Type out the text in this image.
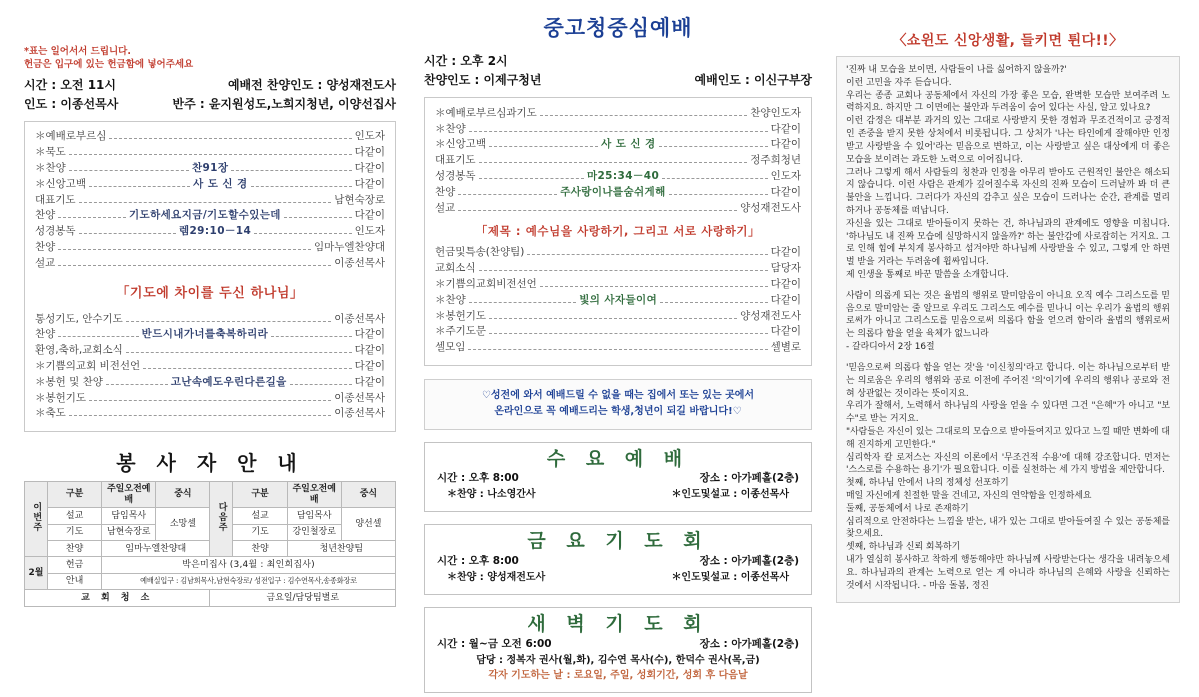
*표는 일어서서 드립니다.
헌금은 입구에 있는 헌금함에 넣어주세요
시간 : 오전 11시	예배전 찬양인도 : 양성재전도사
인도 : 이종선목사	반주 : 윤지원성도,노희지청년, 이양선집사
＊예배로부르심	인도자
＊묵도	다같이
＊찬양	찬91장	다같이
＊신앙고백	사 도 신 경	다같이
대표기도	남현숙장로
찬양	기도하세요지금/기도할수있는데	다같이
성경봉독	렘29:10－14	인도자
찬양	임마누엘찬양대
설교	이종선목사
「기도에 차이를 두신 하나님」
통성기도, 안수기도	이종선목사
찬양	반드시내가너를축복하리라	다같이
환영,축하,교회소식	다같이
＊기쁨의교회 비전선언	다같이
＊봉헌 및 찬양	고난속예도우린다른길을	다같이
＊봉헌기도	이종선목사
＊축도	이종선목사
봉 사 자 안 내
이번주	구분	주일오전예배	중식	다음주	구분	주일오전예배	중식
	설교	담임목사	소망셀		설교	담임목사	양선셀
	기도	남현숙장로			기도	강인철장로	
	찬양	임마누엘찬양대			찬양	청년찬양팀	
2월	헌금	박은미집사 (3,4월 : 최인희집사)					
	안내	예배실입구 : 김남희목사,남현숙장로/ 성전입구 : 김수연목사,송종화장로					
교 회 청 소				금요일/담당팀별로			
중고청중심예배
시간 : 오후 2시
찬양인도 : 이제구청년	예배인도 : 이신구부장
＊예배로부르심과기도	찬양인도자
＊찬양	다같이
＊신앙고백	사 도 신 경	다같이
대표기도	정주희청년
성경봉독	마25:34－40	인도자
찬양	주사랑이나를숨쉬게해	다같이
설교	양성재전도사
「제목 : 예수님을 사랑하기, 그리고 서로 사랑하기」
헌금및특송(찬양팀)	다같이
교회소식	담당자
＊기쁨의교회비전선언	다같이
＊찬양	빛의 사자들이여	다같이
＊봉헌기도	양성재전도사
＊주기도문	다같이
셀모임	셀별로
♡성전에 와서 예배드릴 수 없을 때는 집에서 또는 있는 곳에서
온라인으로 꼭 예배드리는 학생,청년이 되길 바랍니다!♡
수 요 예 배
시간 : 오후 8:00	장소 : 아가페홀(2층)
＊찬양 : 나소영간사	＊인도및설교 : 이종선목사
금 요 기 도 회
시간 : 오후 8:00	장소 : 아가페홀(2층)
＊찬양 : 양성재전도사	＊인도및설교 : 이종선목사
새 벽 기 도 회
시간 : 월~금 오전 6:00	장소 : 아가페홀(2층)
담당 : 정복자 권사(월,화), 김수연 목사(수), 한덕수 권사(목,금)
각자 기도하는 날 : 로요일, 주일, 성회기간, 성회 후 다음날
〈쇼윈도 신앙생활, 들키면 튄다!!〉

'진짜 내 모습을 보이면, 사람들이 나를 싫어하지 않을까?'

이런 고민을 자주 듣습니다.

우리는 종종 교회나 공동체에서 자신의 가장 좋은 모습, 완벽한 모습만 보여주려 노력하지요. 하지만 그 이면에는 불안과 두려움이 숨어 있다는 사실, 알고 있나요?

이런 감정은 대부분 과거의 있는 그대로 사랑받지 못한 경험과 무조건적이고 긍정적인 존중을 받지 못한 상처에서 비롯됩니다. 그 상처가 '나는 타인에게 잘해야만 인정받고 사랑받을 수 있어'라는 믿음으로 변하고, 이는 사랑받고 싶은 대상에게 더 좋은 모습을 보이려는 과도한 노력으로 이어집니다.

그러나 그렇게 해서 사람들의 칭찬과 인정을 아무리 받아도 근원적인 불안은 해소되지 않습니다. 이런 사람은 관계가 깊어질수록 자신의 진짜 모습이 드러날까 봐 더 큰 불안을 느낍니다. 그러다가 자신의 감추고 싶은 모습이 드러나는 순간, 관계를 멀리하거나 공동체를 떠납니다.

자신을 있는 그대로 받아들이지 못하는 건, 하나님과의 관계에도 영향을 미칩니다. '하나님도 내 진짜 모습에 실망하시지 않을까?' 하는 불안감에 사로잡히는 거지요. 그로 인해 힘에 부치게 봉사하고 섬겨야만 하나님께 사랑받을 수 있고, 그렇게 안 하면 벌 받을 거라는 두려움에 휩싸입니다.

제 인생을 통째로 바꾼 말씀을 소개합니다.

사람이 의롭게 되는 것은 율법의 행위로 말미암음이 아니요 오직 예수 그리스도를 믿음으로 말미암는 줄 알므로 우리도 그리스도 예수를 믿나니 이는 우리가 율법의 행위로써가 아니고 그리스도를 믿음으로써 의롭다 함을 얻으려 함이라 율법의 행위로써는 의롭다 함을 얻을 육체가 없느니라

- 갈라디아서 2장 16절

'믿음으로써 의롭다 함을 얻는 것'을 '이신칭의'라고 합니다. 이는 하나님으로부터 받는 의로움은 우리의 행위와 공로 이전에 주어진 '의'이기에 우리의 행위나 공로와 전혀 상관없는 것이라는 뜻이지요.

우리가 잘해서, 노력해서 하나님의 사랑을 얻을 수 있다면 그건 "은혜"가 아니고 "보수"로 받는 거지요.

"사람들은 자신이 있는 그대로의 모습으로 받아들여지고 있다고 느낄 때만 변화에 대해 진지하게 고민한다."

심리학자 칼 로저스는 자신의 이론에서 '무조건적 수용'에 대해 강조합니다. 먼저는 '스스로를 수용하는 용기'가 필요합니다. 이를 실천하는 세 가지 방법을 제안합니다.

첫째, 하나님 안에서 나의 정체성 선포하기

매일 자신에게 친절한 말을 건네고, 자신의 연약함을 인정하세요

둘째, 공동체에서 나로 존재하기

심리적으로 안전하다는 느낌을 받는, 내가 있는 그대로 받아들여질 수 있는 공동체를 찾으세요.

셋째, 하나님과 신뢰 회복하기

내가 열심히 봉사하고 착하게 행동해야만 하나님께 사랑받는다는 생각을 내려놓으세요. 하나님과의 관계는 노력으로 얻는 게 아니라 하나님의 은혜와 사랑을 신뢰하는 것에서 시작됩니다. - 마음 돌봄, 정진
